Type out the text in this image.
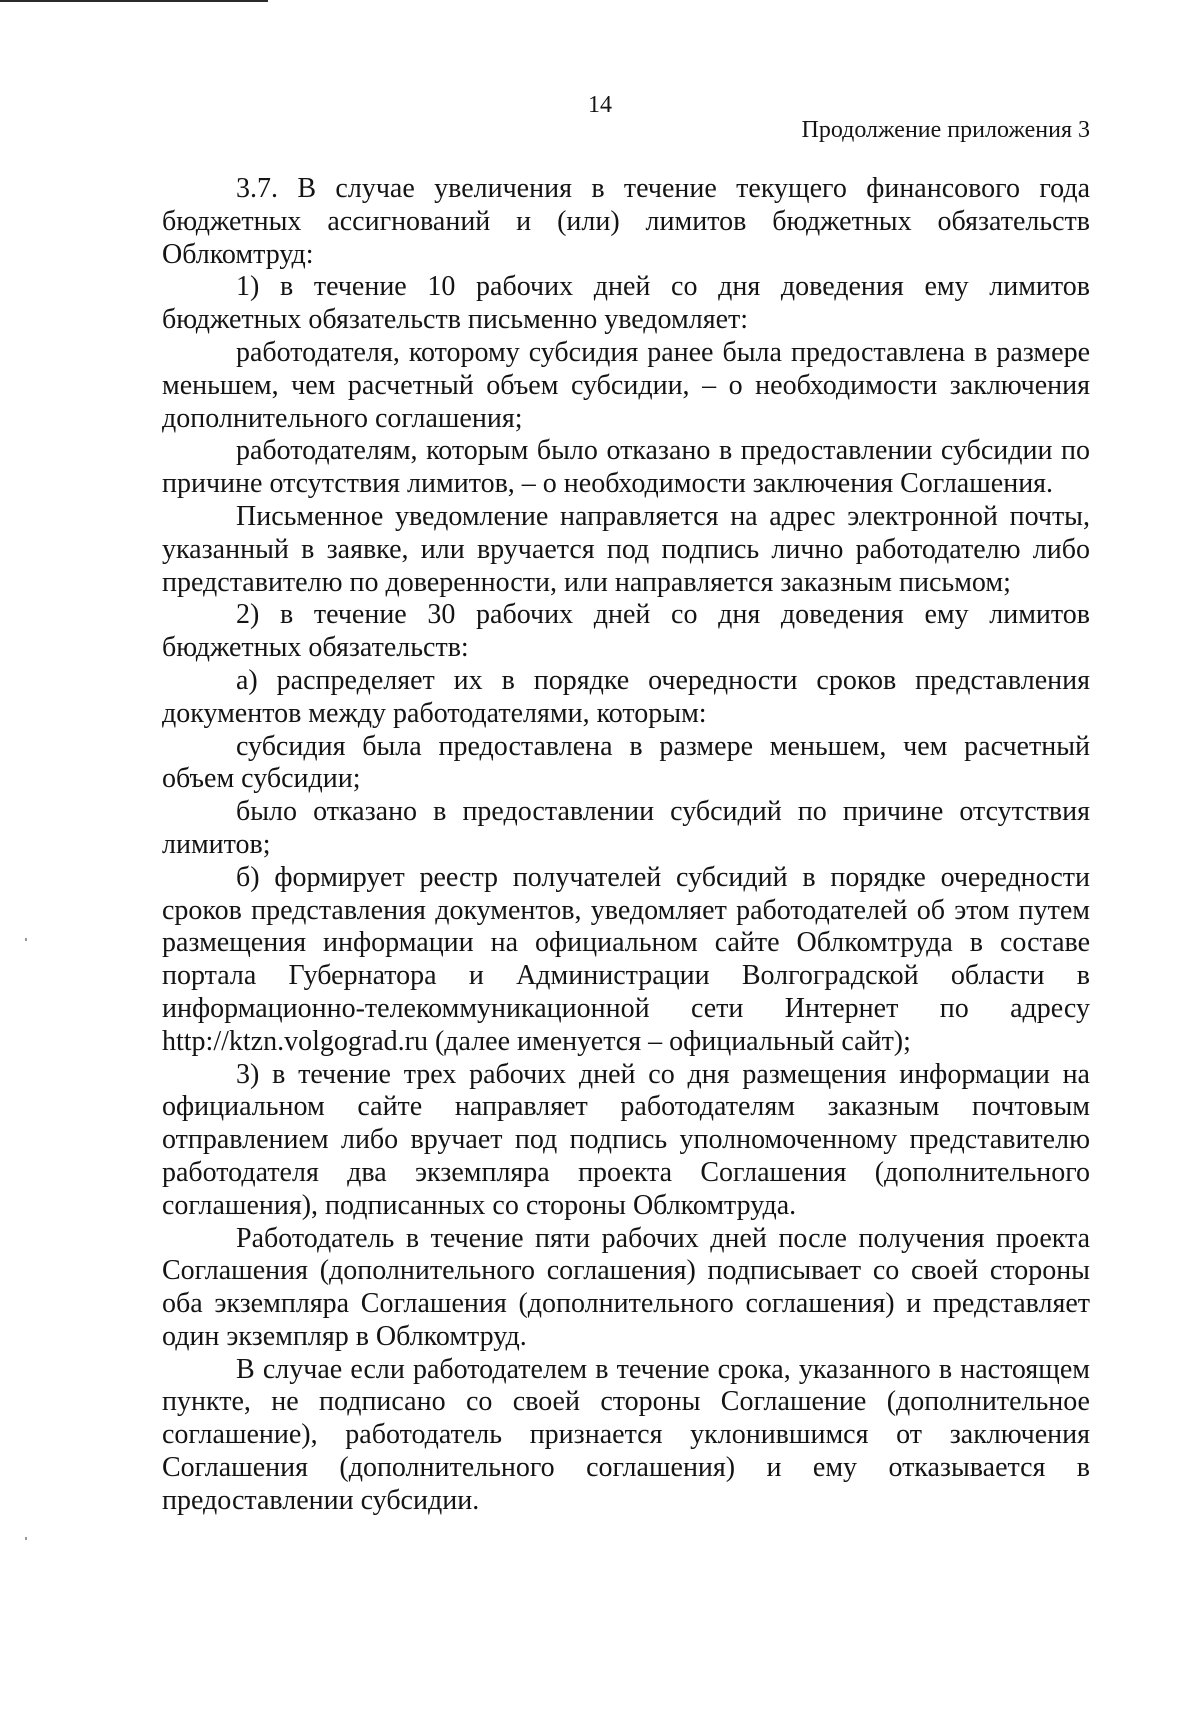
14
Продолжение приложения 3

3.7. В случае увеличения в течение текущего финансового года бюджетных ассигнований и (или) лимитов бюджетных обязательств Облкомтруд:

1) в течение 10 рабочих дней со дня доведения ему лимитов бюджетных обязательств письменно уведомляет:

работодателя, которому субсидия ранее была предоставлена в размере меньшем, чем расчетный объем субсидии, – о необходимости заключения дополнительного соглашения;

работодателям, которым было отказано в предоставлении субсидии по причине отсутствия лимитов, – о необходимости заключения Соглашения.

Письменное уведомление направляется на адрес электронной почты, указанный в заявке, или вручается под подпись лично работодателю либо представителю по доверенности, или направляется заказным письмом;

2) в течение 30 рабочих дней со дня доведения ему лимитов бюджетных обязательств:

а) распределяет их в порядке очередности сроков представления документов между работодателями, которым:

субсидия была предоставлена в размере меньшем, чем расчетный объем субсидии;

было отказано в предоставлении субсидий по причине отсутствия лимитов;

б) формирует реестр получателей субсидий в порядке очередности сроков представления документов, уведомляет работодателей об этом путем размещения информации на официальном сайте Облкомтруда в составе портала Губернатора и Администрации Волгоградской области в информационно-телекоммуникационной сети Интернет по адресу http://ktzn.volgograd.ru (далее именуется – официальный сайт);

3) в течение трех рабочих дней со дня размещения информации на официальном сайте направляет работодателям заказным почтовым отправлением либо вручает под подпись уполномоченному представителю работодателя два экземпляра проекта Соглашения (дополнительного соглашения), подписанных со стороны Облкомтруда.

Работодатель в течение пяти рабочих дней после получения проекта Соглашения (дополнительного соглашения) подписывает со своей стороны оба экземпляра Соглашения (дополнительного соглашения) и представляет один экземпляр в Облкомтруд.

В случае если работодателем в течение срока, указанного в настоящем пункте, не подписано со своей стороны Соглашение (дополнительное соглашение), работодатель признается уклонившимся от заключения Соглашения (дополнительного соглашения) и ему отказывается в предоставлении субсидии.
